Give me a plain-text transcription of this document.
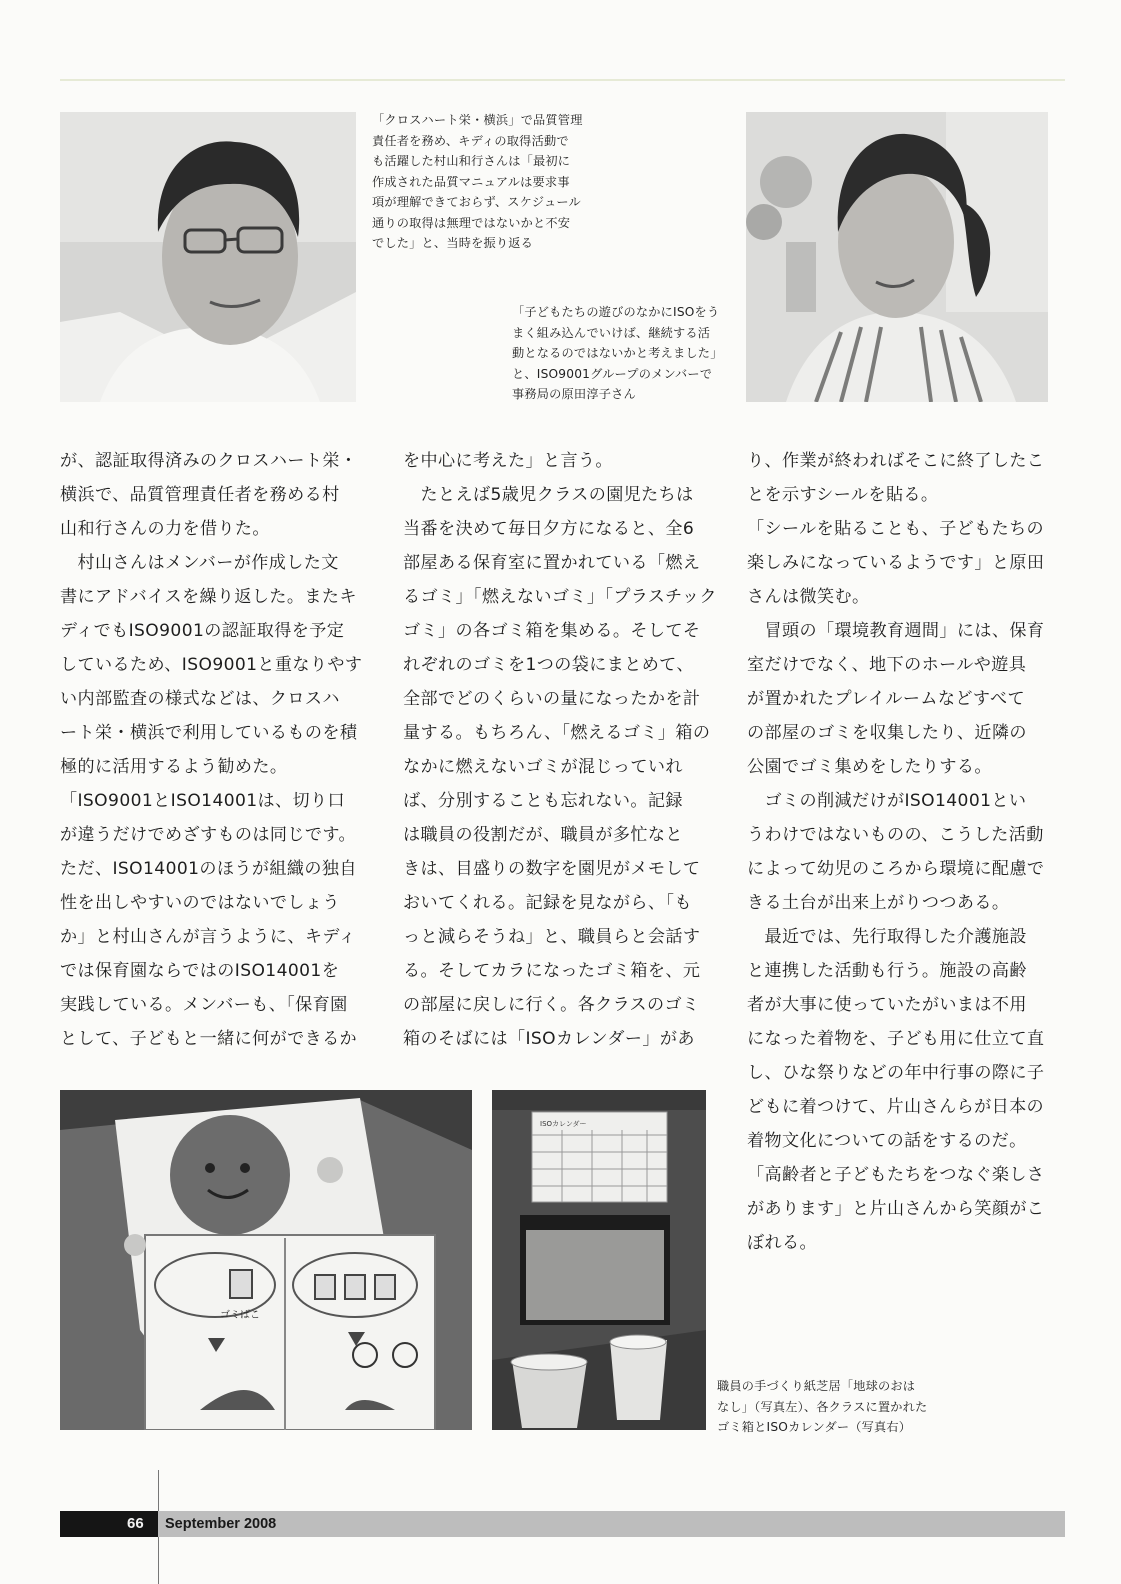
「クロスハート栄・横浜」で品質管理
責任者を務め、キディの取得活動で
も活躍した村山和行さんは「最初に
作成された品質マニュアルは要求事
項が理解できておらず、スケジュール
通りの取得は無理ではないかと不安
でした」と、当時を振り返る

「子どもたちの遊びのなかにISOをう
まく組み込んでいけば、継続する活
動となるのではないかと考えました」
と、ISO9001グループのメンバーで
事務局の原田淳子さん

が、認証取得済みのクロスハート栄・
横浜で、品質管理責任者を務める村
山和行さんの力を借りた。
　村山さんはメンバーが作成した文
書にアドバイスを繰り返した。またキ
ディでもISO9001の認証取得を予定
しているため、ISO9001と重なりやす
い内部監査の様式などは、クロスハ
ート栄・横浜で利用しているものを積
極的に活用するよう勧めた。
「ISO9001とISO14001は、切り口
が違うだけでめざすものは同じです。
ただ、ISO14001のほうが組織の独自
性を出しやすいのではないでしょう
か」と村山さんが言うように、キディ
では保育園ならではのISO14001を
実践している。メンバーも、「保育園
として、子どもと一緒に何ができるか
を中心に考えた」と言う。
　たとえば5歳児クラスの園児たちは
当番を決めて毎日夕方になると、全6
部屋ある保育室に置かれている「燃え
るゴミ」「燃えないゴミ」「プラスチック
ゴミ」の各ゴミ箱を集める。そしてそ
れぞれのゴミを1つの袋にまとめて、
全部でどのくらいの量になったかを計
量する。もちろん、「燃えるゴミ」箱の
なかに燃えないゴミが混じっていれ
ば、分別することも忘れない。記録
は職員の役割だが、職員が多忙なと
きは、目盛りの数字を園児がメモして
おいてくれる。記録を見ながら、「も
っと減らそうね」と、職員らと会話す
る。そしてカラになったゴミ箱を、元
の部屋に戻しに行く。各クラスのゴミ
箱のそばには「ISOカレンダー」があ
り、作業が終わればそこに終了したこ
とを示すシールを貼る。
「シールを貼ることも、子どもたちの
楽しみになっているようです」と原田
さんは微笑む。
　冒頭の「環境教育週間」には、保育
室だけでなく、地下のホールや遊具
が置かれたプレイルームなどすべて
の部屋のゴミを収集したり、近隣の
公園でゴミ集めをしたりする。
　ゴミの削減だけがISO14001とい
うわけではないものの、こうした活動
によって幼児のころから環境に配慮で
きる土台が出来上がりつつある。
　最近では、先行取得した介護施設
と連携した活動も行う。施設の高齢
者が大事に使っていたがいまは不用
になった着物を、子ども用に仕立て直
し、ひな祭りなどの年中行事の際に子
どもに着つけて、片山さんらが日本の
着物文化についての話をするのだ。
「高齢者と子どもたちをつなぐ楽しさ
があります」と片山さんから笑顔がこ
ぼれる。
ゴミばこ
ISOカレンダー

職員の手づくり紙芝居「地球のおは
なし」（写真左）、各クラスに置かれた
ゴミ箱とISOカレンダー（写真右）

66 September 2008
